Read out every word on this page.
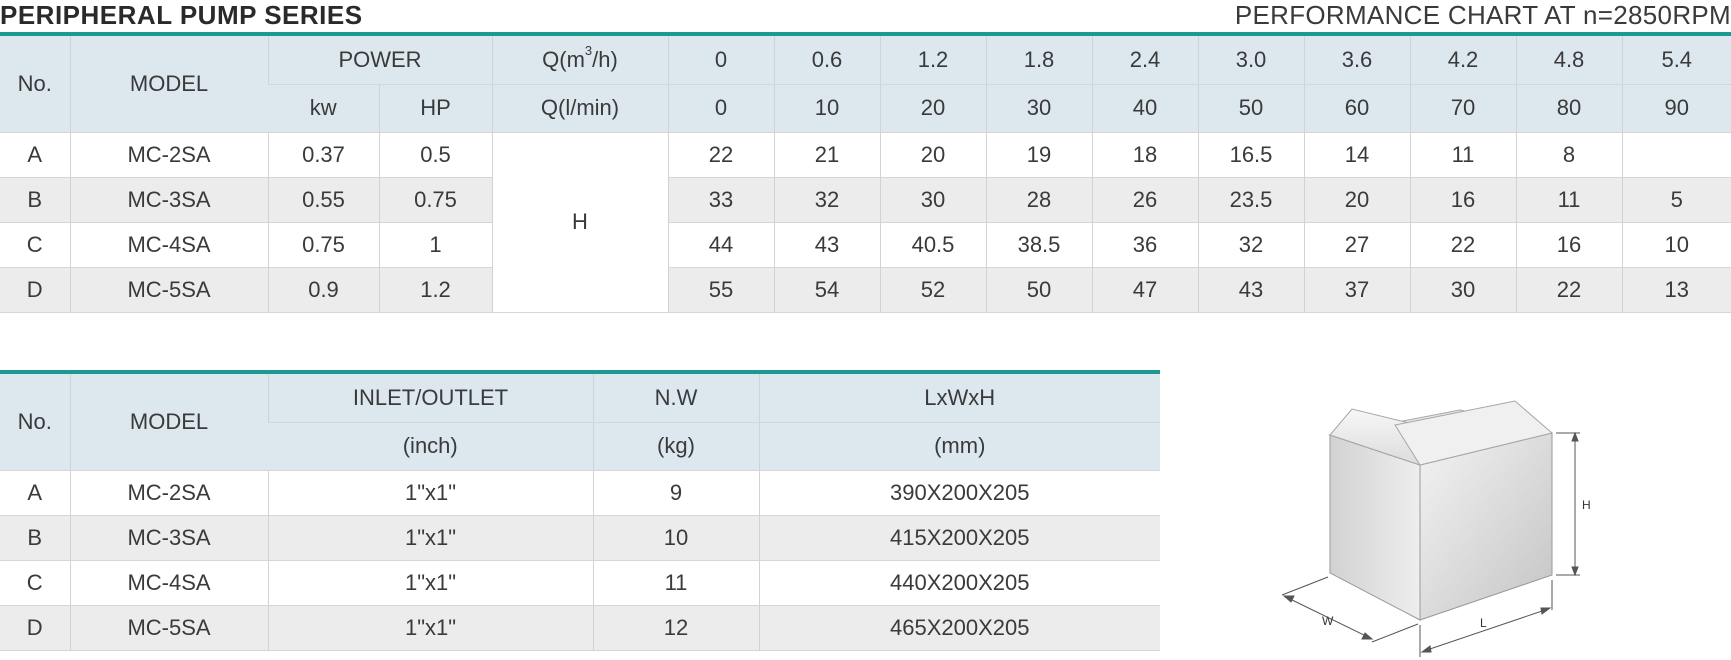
PERIPHERAL PUMP SERIES	PERFORMANCE CHART AT n=2850RPM
No.	MODEL	POWER		$Q(m^3/h)$	0	0.6	1.2	1.8	2.4	3.0	3.6	4.2	4.8	5.4
		kw	HP	Q(l/min)	0	10	20	30	40	50	60	70	80	90
A	MC-2SA	0.37	0.5	H	22	21	20	19	18	16.5	14	11	8	
B	MC-3SA	0.55	0.75		33	32	30	28	26	23.5	20	16	11	5
C	MC-4SA	0.75	1		44	43	40.5	38.5	36	32	27	22	16	10
D	MC-5SA	0.9	1.2		55	54	52	50	47	43	37	30	22	13
No.	MODEL	INLET/OUTLET	N.W	LxWxH
		(inch)	(kg)	(mm)
A	MC-2SA	1"x1"	9	390X200X205
B	MC-3SA	1"x1"	10	415X200X205
C	MC-4SA	1"x1"	11	440X200X205
D	MC-5SA	1"x1"	12	465X200X205
H
W	L
